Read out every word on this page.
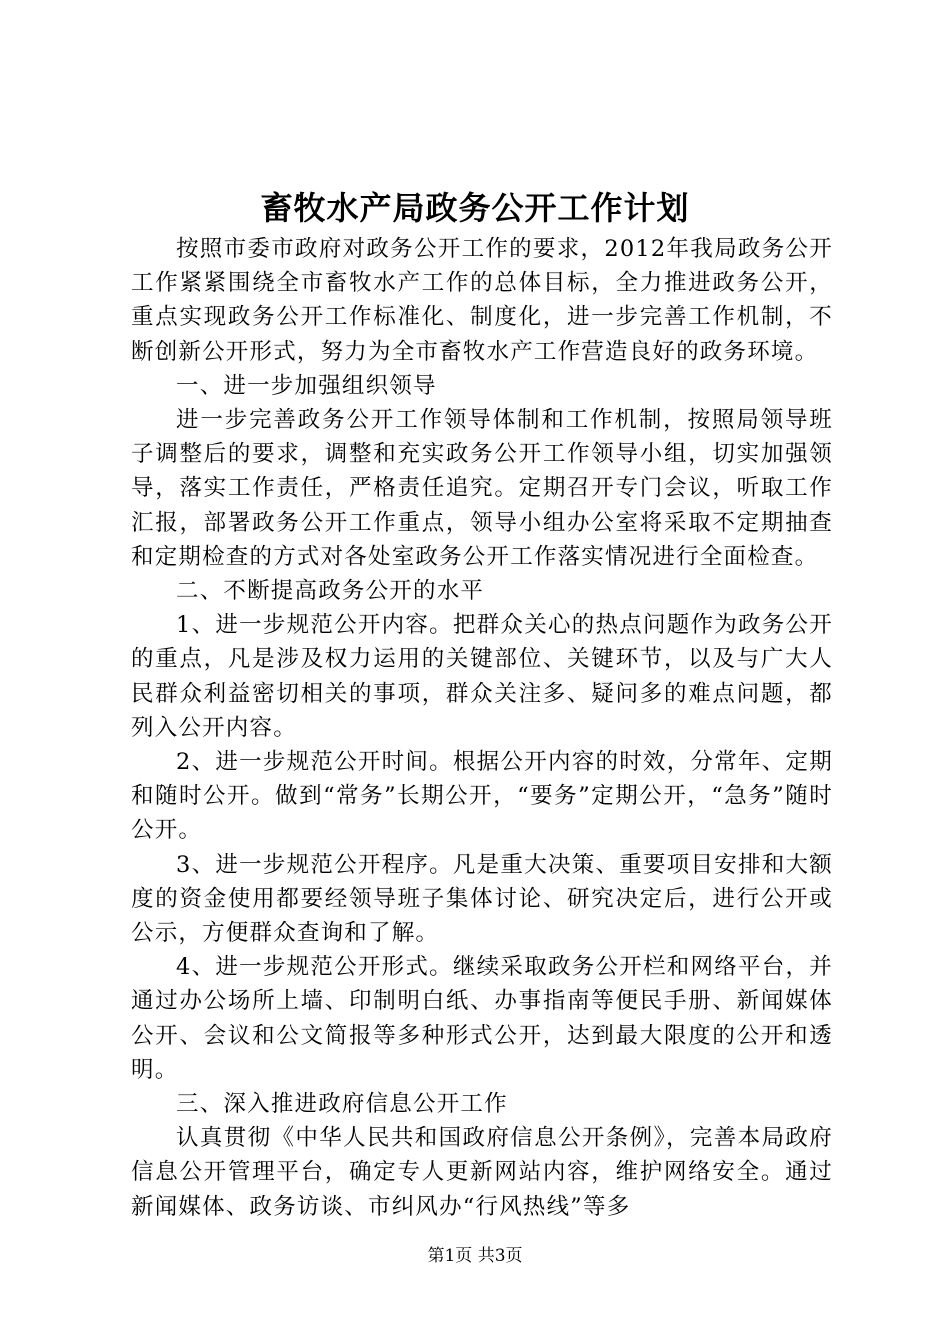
畜牧水产局政务公开工作计划

按照市委市政府对政务公开工作的要求，2012年我局政务公开工作紧紧围绕全市畜牧水产工作的总体目标，全力推进政务公开，重点实现政务公开工作标准化、制度化，进一步完善工作机制，不断创新公开形式，努力为全市畜牧水产工作营造良好的政务环境。

一、进一步加强组织领导

进一步完善政务公开工作领导体制和工作机制，按照局领导班子调整后的要求，调整和充实政务公开工作领导小组，切实加强领导，落实工作责任，严格责任追究。定期召开专门会议，听取工作汇报，部署政务公开工作重点，领导小组办公室将采取不定期抽查和定期检查的方式对各处室政务公开工作落实情况进行全面检查。

二、不断提高政务公开的水平

1、进一步规范公开内容。把群众关心的热点问题作为政务公开的重点，凡是涉及权力运用的关键部位、关键环节，以及与广大人民群众利益密切相关的事项，群众关注多、疑问多的难点问题，都列入公开内容。

2、进一步规范公开时间。根据公开内容的时效，分常年、定期和随时公开。做到“常务”长期公开，“要务”定期公开，“急务”随时公开。

3、进一步规范公开程序。凡是重大决策、重要项目安排和大额度的资金使用都要经领导班子集体讨论、研究决定后，进行公开或公示，方便群众查询和了解。

4、进一步规范公开形式。继续采取政务公开栏和网络平台，并通过办公场所上墙、印制明白纸、办事指南等便民手册、新闻媒体公开、会议和公文简报等多种形式公开，达到最大限度的公开和透明。

三、深入推进政府信息公开工作

认真贯彻《中华人民共和国政府信息公开条例》，完善本局政府信息公开管理平台，确定专人更新网站内容，维护网络安全。通过新闻媒体、政务访谈、市纠风办“行风热线”等多

第1页 共3页
